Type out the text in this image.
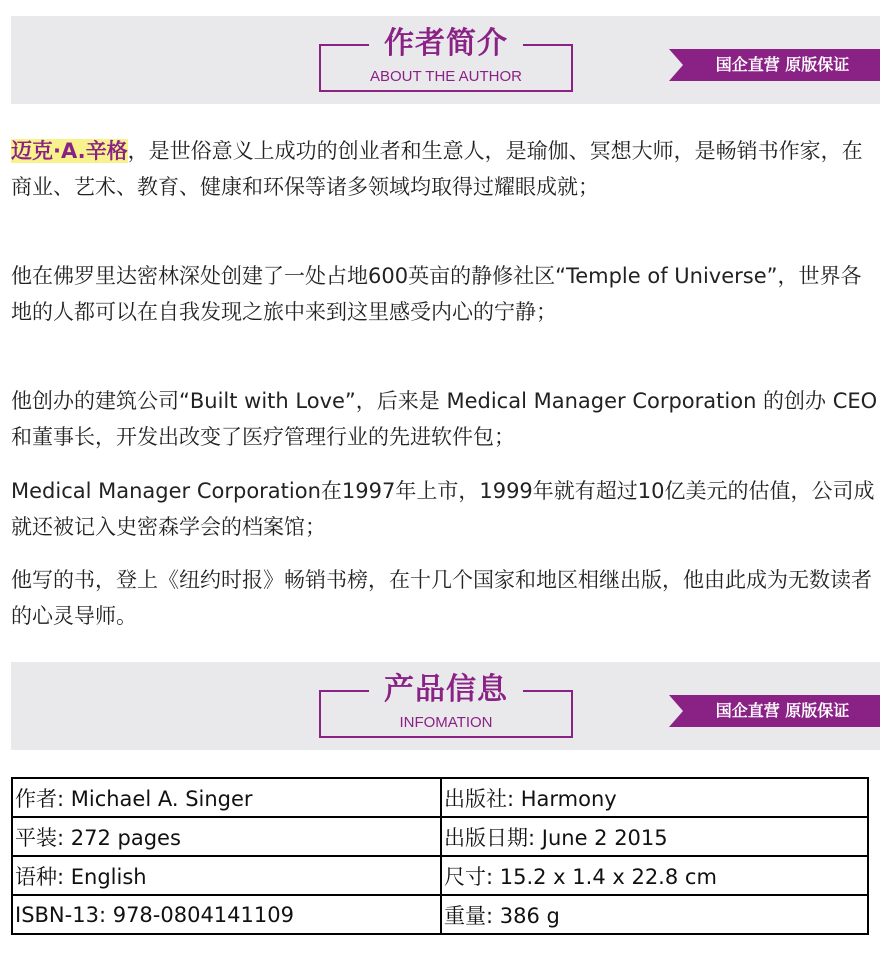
作者简介
ABOUT THE AUTHOR
国企直营 原版保证

迈克·A.辛格，是世俗意义上成功的创业者和生意人，是瑜伽、冥想大师，是畅销书作家，在商业、艺术、教育、健康和环保等诸多领域均取得过耀眼成就；

他在佛罗里达密林深处创建了一处占地600英亩的静修社区“Temple of Universe”，世界各地的人都可以在自我发现之旅中来到这里感受内心的宁静；

他创办的建筑公司“Built with Love”，后来是 Medical Manager Corporation 的创办 CEO 和董事长，开发出改变了医疗管理行业的先进软件包；

Medical Manager Corporation在1997年上市，1999年就有超过10亿美元的估值，公司成就还被记入史密森学会的档案馆；

他写的书，登上《纽约时报》畅销书榜，在十几个国家和地区相继出版，他由此成为无数读者的心灵导师。

产品信息
INFOMATION
国企直营 原版保证
作者: Michael A. Singer	出版社: Harmony
平装: 272 pages	出版日期: June 2 2015
语种: English	尺寸: 15.2 x 1.4 x 22.8 cm
ISBN-13: 978-0804141109	重量: 386 g
